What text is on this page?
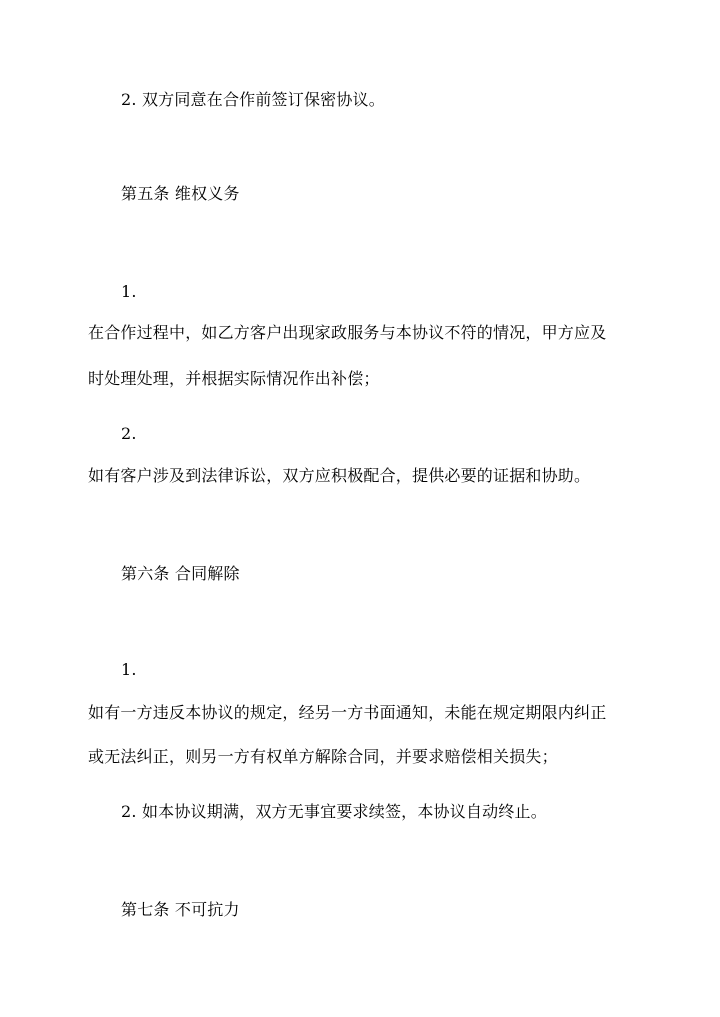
2. 双方同意在合作前签订保密协议。
第五条 维权义务
1.
在合作过程中，如乙方客户出现家政服务与本协议不符的情况，甲方应及
时处理处理，并根据实际情况作出补偿；
2.
如有客户涉及到法律诉讼，双方应积极配合，提供必要的证据和协助。
第六条 合同解除
1.
如有一方违反本协议的规定，经另一方书面通知，未能在规定期限内纠正
或无法纠正，则另一方有权单方解除合同，并要求赔偿相关损失；
2. 如本协议期满，双方无事宜要求续签，本协议自动终止。
第七条 不可抗力
